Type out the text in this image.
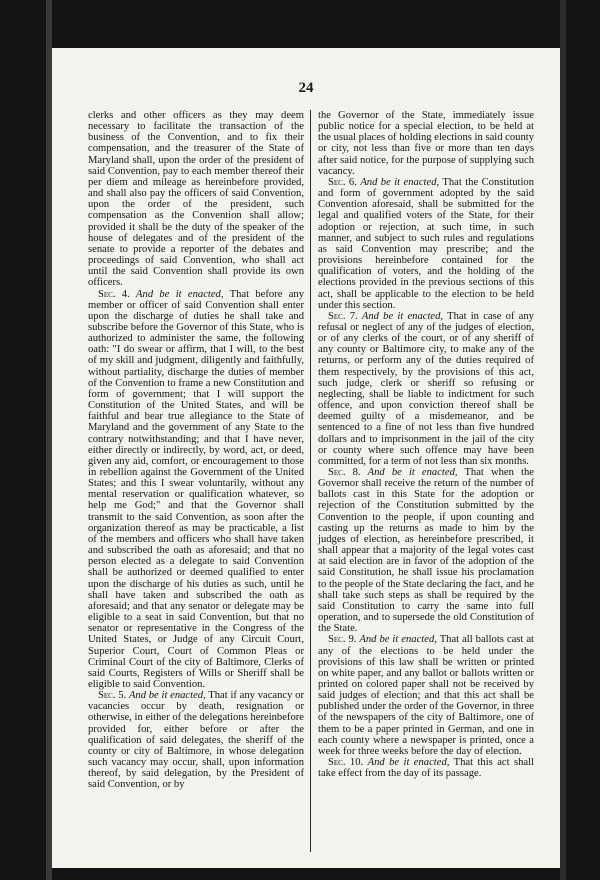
24

clerks and other officers as they may deem necessary to facilitate the transaction of the business of the Convention, and to fix their compensation, and the treasurer of the State of Maryland shall, upon the order of the president of said Convention, pay to each member thereof their per diem and mileage as hereinbefore provided, and shall also pay the officers of said Convention, upon the order of the president, such compensation as the Convention shall allow; provided it shall be the duty of the speaker of the house of delegates and of the president of the senate to provide a reporter of the debates and proceedings of said Convention, who shall act until the said Convention shall provide its own officers.

Sec. 4. And be it enacted, That before any member or officer of said Convention shall enter upon the discharge of duties he shall take and subscribe before the Governor of this State, who is authorized to administer the same, the following oath: "I do swear or affirm, that I will, to the best of my skill and judgment, diligently and faithfully, without partiality, discharge the duties of member of the Convention to frame a new Constitution and form of government; that I will support the Constitution of the United States, and will be faithful and bear true allegiance to the State of Maryland and the government of any State to the contrary notwithstanding; and that I have never, either directly or indirectly, by word, act, or deed, given any aid, comfort, or encouragement to those in rebellion against the Government of the United States; and this I swear voluntarily, without any mental reservation or qualification whatever, so help me God;" and that the Governor shall transmit to the said Convention, as soon after the organization thereof as may be practicable, a list of the members and officers who shall have taken and subscribed the oath as aforesaid; and that no person elected as a delegate to said Convention shall be authorized or deemed qualified to enter upon the discharge of his duties as such, until he shall have taken and subscribed the oath as aforesaid; and that any senator or delegate may be eligible to a seat in said Convention, but that no senator or representative in the Congress of the United States, or Judge of any Circuit Court, Superior Court, Court of Common Pleas or Criminal Court of the city of Baltimore, Clerks of said Courts, Registers of Wills or Sheriff shall be eligible to said Convention.

Sec. 5. And be it enacted, That if any vacancy or vacancies occur by death, resignation or otherwise, in either of the delegations hereinbefore provided for, either before or after the qualification of said delegates, the sheriff of the county or city of Baltimore, in whose delegation such vacancy may occur, shall, upon information thereof, by said delegation, by the President of said Convention, or by

the Governor of the State, immediately issue public notice for a special election, to be held at the usual places of holding elections in said county or city, not less than five or more than ten days after said notice, for the purpose of supplying such vacancy.

Sec. 6. And be it enacted, That the Constitution and form of government adopted by the said Convention aforesaid, shall be submitted for the legal and qualified voters of the State, for their adoption or rejection, at such time, in such manner, and subject to such rules and regulations as said Convention may prescribe; and the provisions hereinbefore contained for the qualification of voters, and the holding of the elections provided in the previous sections of this act, shall be applicable to the election to be held under this section.

Sec. 7. And be it enacted, That in case of any refusal or neglect of any of the judges of election, or of any clerks of the court, or of any sheriff of any county or Baltimore city, to make any of the returns, or perform any of the duties required of them respectively, by the provisions of this act, such judge, clerk or sheriff so refusing or neglecting, shall be liable to indictment for such offence, and upon conviction thereof shall be deemed guilty of a misdemeanor, and be sentenced to a fine of not less than five hundred dollars and to imprisonment in the jail of the city or county where such offence may have been committed, for a term of not less than six months.

Sec. 8. And be it enacted, That when the Governor shall receive the return of the number of ballots cast in this State for the adoption or rejection of the Constitution submitted by the Convention to the people, if upon counting and casting up the returns as made to him by the judges of election, as hereinbefore prescribed, it shall appear that a majority of the legal votes cast at said election are in favor of the adoption of the said Constitution, he shall issue his proclamation to the people of the State declaring the fact, and he shall take such steps as shall be required by the said Constitution to carry the same into full operation, and to supersede the old Constitution of the State.

Sec. 9. And be it enacted, That all ballots cast at any of the elections to be held under the provisions of this law shall be written or printed on white paper, and any ballot or ballots written or printed on colored paper shall not be received by said judges of election; and that this act shall be published under the order of the Governor, in three of the newspapers of the city of Baltimore, one of them to be a paper printed in German, and one in each county where a newspaper is printed, once a week for three weeks before the day of election.

Sec. 10. And be it enacted, That this act shall take effect from the day of its passage.
